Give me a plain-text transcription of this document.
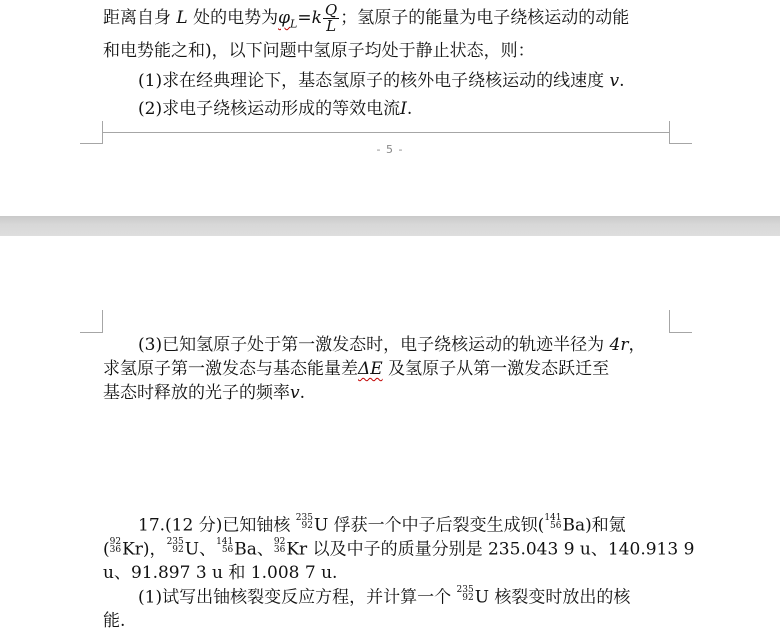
距离自身 L 处的电势为$\varphi_L=k \frac{Q}{L}$ ；氢原子的能量为电子绕核运动的动能
和电势能之和)，以下问题中氢原子均处于静止状态，则：
(1)求在经典理论下，基态氢原子的核外电子绕核运动的线速度 v.
(2)求电子绕核运动形成的等效电流I.
- 5 -
(3)已知氢原子处于第一激发态时，电子绕核运动的轨迹半径为 4r，
求氢原子第一激发态与基态能量差ΔE 及氢原子从第一激发态跃迁至
基态时释放的光子的频率v.
17.(12 分)已知铀核 235
92 U 俘获一个中子后裂变生成钡( 141
56 Ba)和氪
( 92
36 Kr)， 235
92 U、 141
56 Ba、 92
36 Kr 以及中子的质量分别是 235.043 9 u、140.913 9
u、91.897 3 u 和 1.008 7 u.
(1)试写出铀核裂变反应方程，并计算一个 235
92 U 核裂变时放出的核
能.
